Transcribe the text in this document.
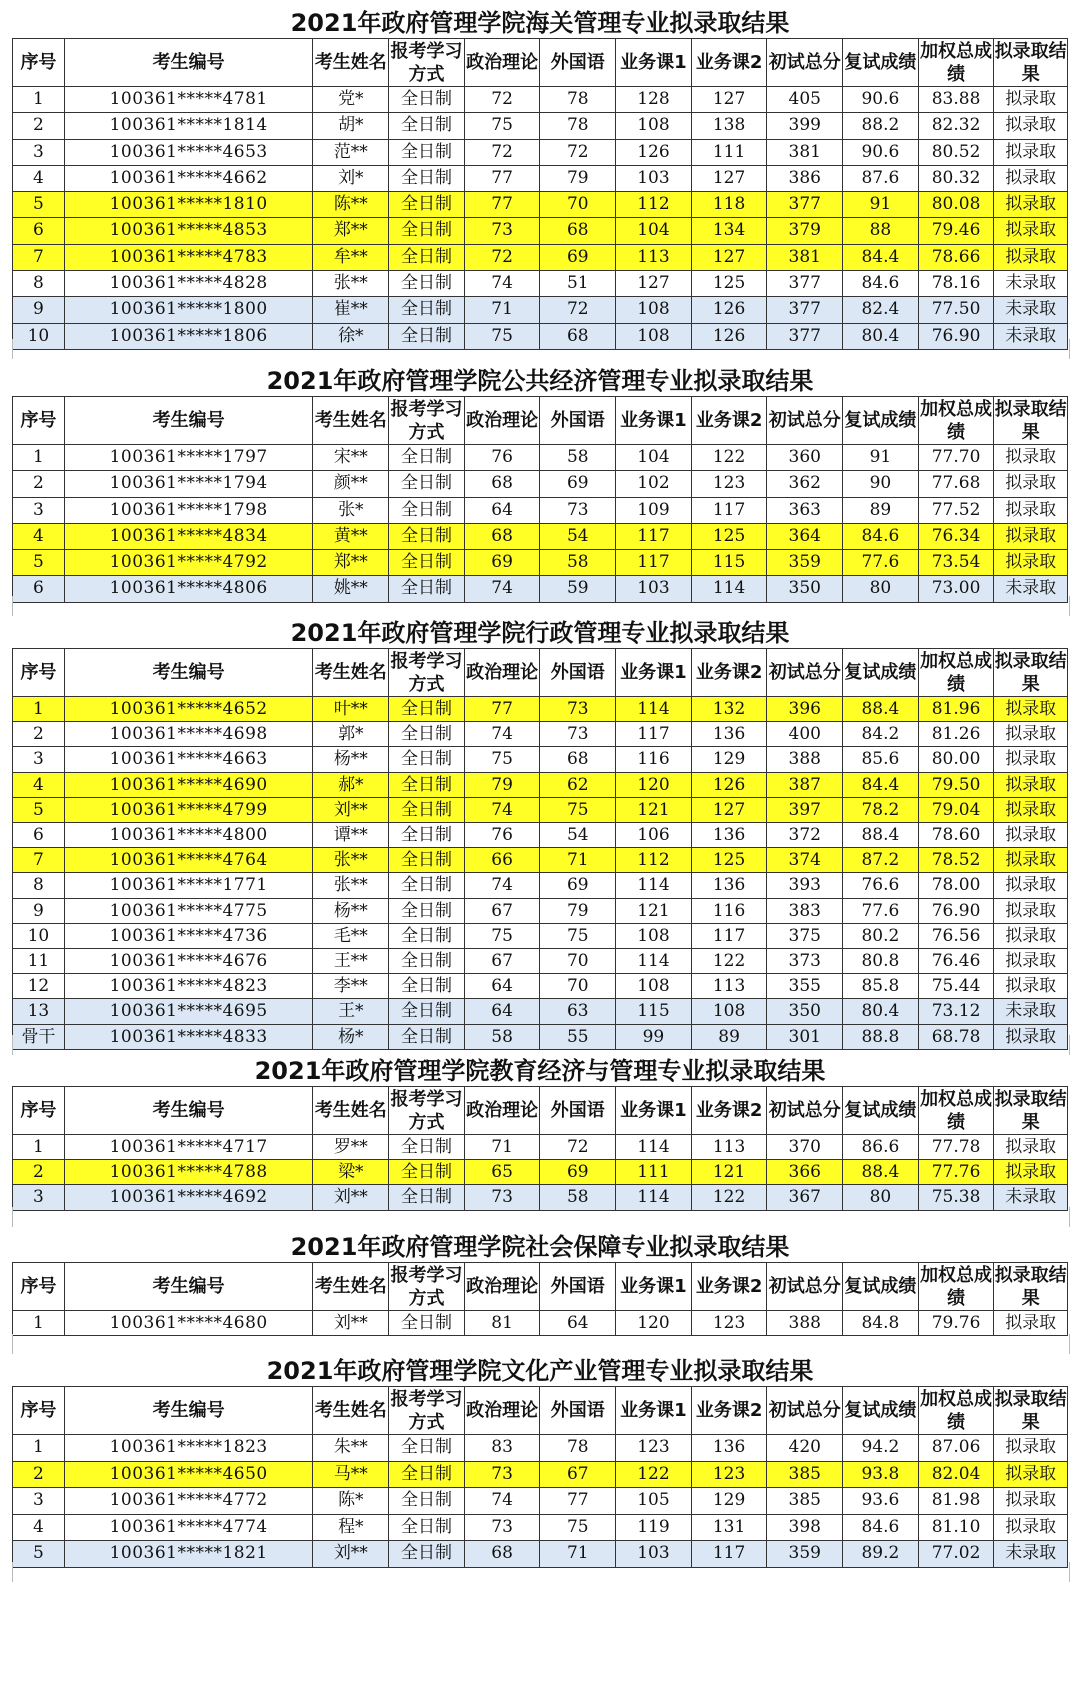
2021年政府管理学院海关管理专业拟录取结果
序号	考生编号	考生姓名	报考学习方式	政治理论	外国语	业务课1	业务课2	初试总分	复试成绩	加权总成绩	拟录取结果
1	100361*****4781	党*	全日制	72	78	128	127	405	90.6	83.88	拟录取
2	100361*****1814	胡*	全日制	75	78	108	138	399	88.2	82.32	拟录取
3	100361*****4653	范**	全日制	72	72	126	111	381	90.6	80.52	拟录取
4	100361*****4662	刘*	全日制	77	79	103	127	386	87.6	80.32	拟录取
5	100361*****1810	陈**	全日制	77	70	112	118	377	91	80.08	拟录取
6	100361*****4853	郑**	全日制	73	68	104	134	379	88	79.46	拟录取
7	100361*****4783	牟**	全日制	72	69	113	127	381	84.4	78.66	拟录取
8	100361*****4828	张**	全日制	74	51	127	125	377	84.6	78.16	未录取
9	100361*****1800	崔**	全日制	71	72	108	126	377	82.4	77.50	未录取
10	100361*****1806	徐*	全日制	75	68	108	126	377	80.4	76.90	未录取
2021年政府管理学院公共经济管理专业拟录取结果
序号	考生编号	考生姓名	报考学习方式	政治理论	外国语	业务课1	业务课2	初试总分	复试成绩	加权总成绩	拟录取结果
1	100361*****1797	宋**	全日制	76	58	104	122	360	91	77.70	拟录取
2	100361*****1794	颜**	全日制	68	69	102	123	362	90	77.68	拟录取
3	100361*****1798	张*	全日制	64	73	109	117	363	89	77.52	拟录取
4	100361*****4834	黄**	全日制	68	54	117	125	364	84.6	76.34	拟录取
5	100361*****4792	郑**	全日制	69	58	117	115	359	77.6	73.54	拟录取
6	100361*****4806	姚**	全日制	74	59	103	114	350	80	73.00	未录取
2021年政府管理学院行政管理专业拟录取结果
序号	考生编号	考生姓名	报考学习方式	政治理论	外国语	业务课1	业务课2	初试总分	复试成绩	加权总成绩	拟录取结果
1	100361*****4652	叶**	全日制	77	73	114	132	396	88.4	81.96	拟录取
2	100361*****4698	郭*	全日制	74	73	117	136	400	84.2	81.26	拟录取
3	100361*****4663	杨**	全日制	75	68	116	129	388	85.6	80.00	拟录取
4	100361*****4690	郝*	全日制	79	62	120	126	387	84.4	79.50	拟录取
5	100361*****4799	刘**	全日制	74	75	121	127	397	78.2	79.04	拟录取
6	100361*****4800	谭**	全日制	76	54	106	136	372	88.4	78.60	拟录取
7	100361*****4764	张**	全日制	66	71	112	125	374	87.2	78.52	拟录取
8	100361*****1771	张**	全日制	74	69	114	136	393	76.6	78.00	拟录取
9	100361*****4775	杨**	全日制	67	79	121	116	383	77.6	76.90	拟录取
10	100361*****4736	毛**	全日制	75	75	108	117	375	80.2	76.56	拟录取
11	100361*****4676	王**	全日制	67	70	114	122	373	80.8	76.46	拟录取
12	100361*****4823	李**	全日制	64	70	108	113	355	85.8	75.44	拟录取
13	100361*****4695	王*	全日制	64	63	115	108	350	80.4	73.12	未录取
骨干	100361*****4833	杨*	全日制	58	55	99	89	301	88.8	68.78	拟录取
2021年政府管理学院教育经济与管理专业拟录取结果
序号	考生编号	考生姓名	报考学习方式	政治理论	外国语	业务课1	业务课2	初试总分	复试成绩	加权总成绩	拟录取结果
1	100361*****4717	罗**	全日制	71	72	114	113	370	86.6	77.78	拟录取
2	100361*****4788	梁*	全日制	65	69	111	121	366	88.4	77.76	拟录取
3	100361*****4692	刘**	全日制	73	58	114	122	367	80	75.38	未录取
2021年政府管理学院社会保障专业拟录取结果
序号	考生编号	考生姓名	报考学习方式	政治理论	外国语	业务课1	业务课2	初试总分	复试成绩	加权总成绩	拟录取结果
1	100361*****4680	刘**	全日制	81	64	120	123	388	84.8	79.76	拟录取
2021年政府管理学院文化产业管理专业拟录取结果
序号	考生编号	考生姓名	报考学习方式	政治理论	外国语	业务课1	业务课2	初试总分	复试成绩	加权总成绩	拟录取结果
1	100361*****1823	朱**	全日制	83	78	123	136	420	94.2	87.06	拟录取
2	100361*****4650	马**	全日制	73	67	122	123	385	93.8	82.04	拟录取
3	100361*****4772	陈*	全日制	74	77	105	129	385	93.6	81.98	拟录取
4	100361*****4774	程*	全日制	73	75	119	131	398	84.6	81.10	拟录取
5	100361*****1821	刘**	全日制	68	71	103	117	359	89.2	77.02	未录取
